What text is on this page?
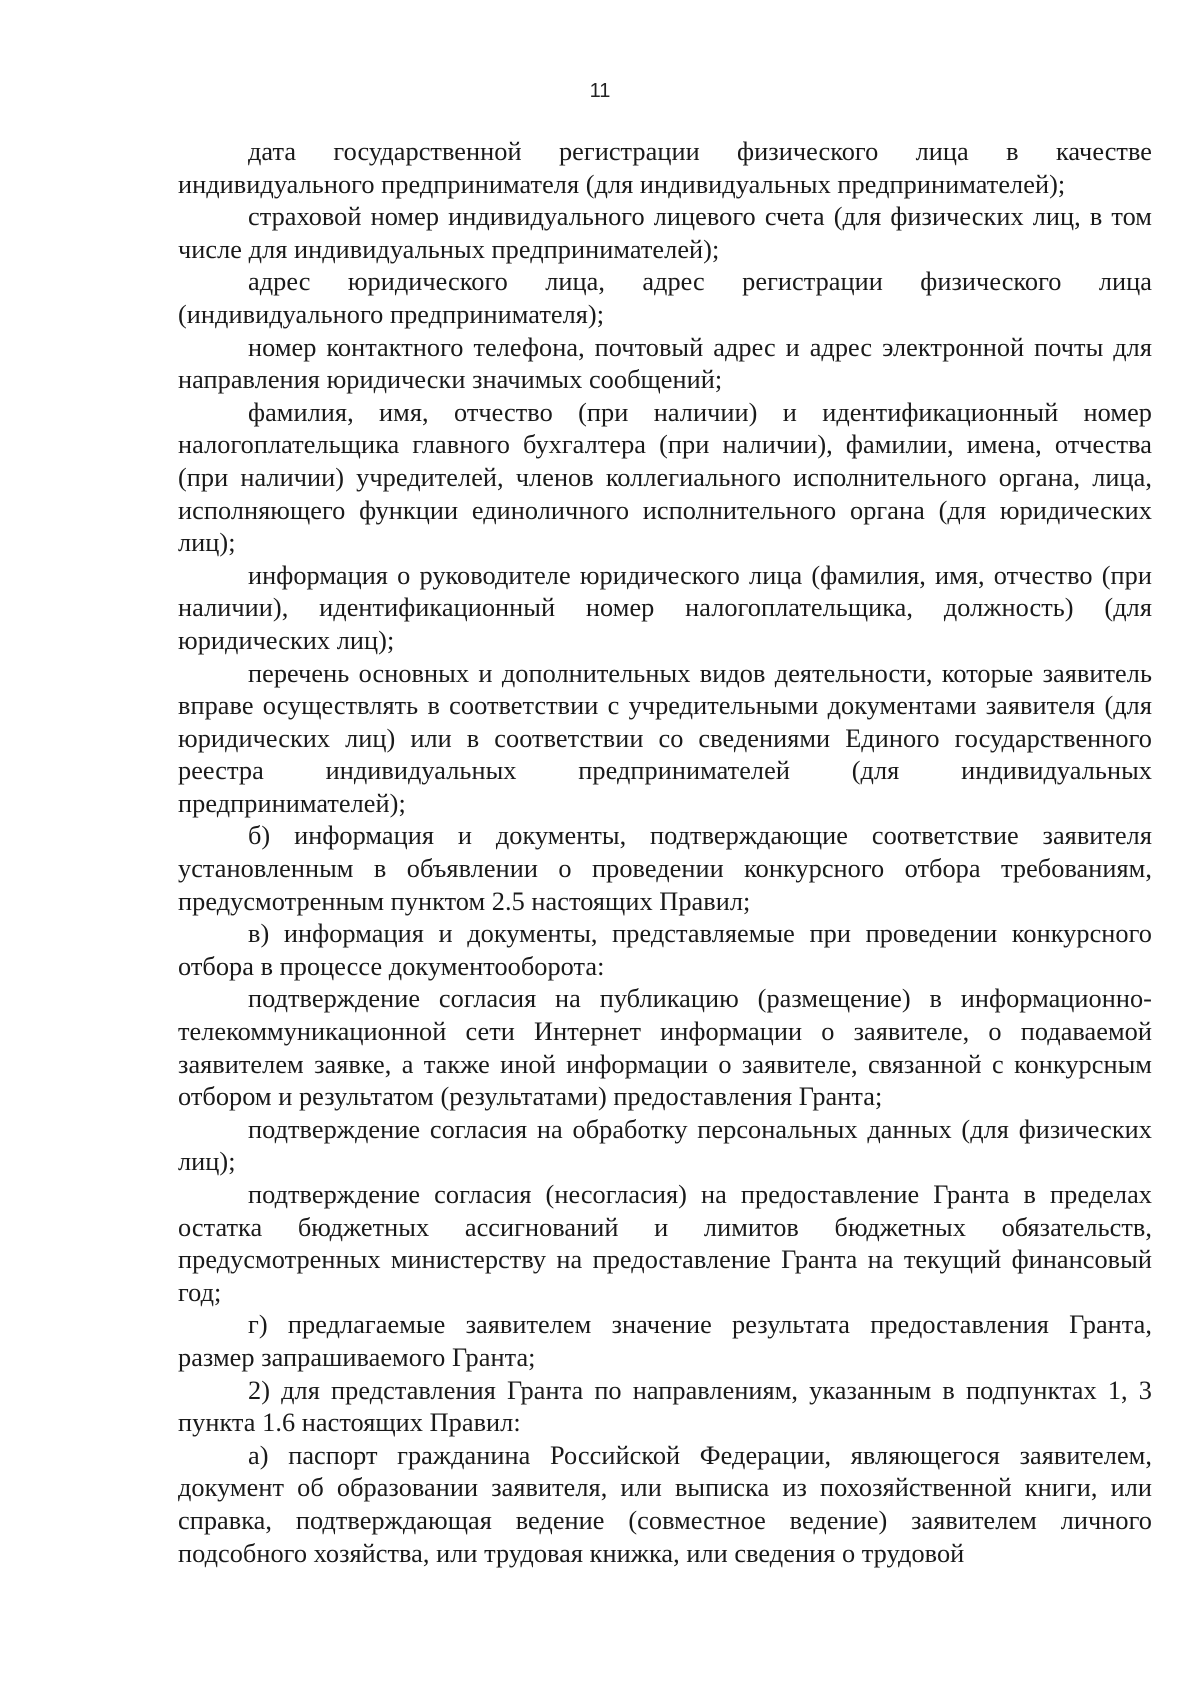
11

дата государственной регистрации физического лица в качестве индивидуального предпринимателя (для индивидуальных предпринимателей);

страховой номер индивидуального лицевого счета (для физических лиц, в том числе для индивидуальных предпринимателей);

адрес юридического лица, адрес регистрации физического лица (индивидуального предпринимателя);

номер контактного телефона, почтовый адрес и адрес электронной почты для направления юридически значимых сообщений;

фамилия, имя, отчество (при наличии) и идентификационный номер налогоплательщика главного бухгалтера (при наличии), фамилии, имена, отчества (при наличии) учредителей, членов коллегиального исполнительного органа, лица, исполняющего функции единоличного исполнительного органа (для юридических лиц);

информация о руководителе юридического лица (фамилия, имя, отчество (при наличии), идентификационный номер налогоплательщика, должность) (для юридических лиц);

перечень основных и дополнительных видов деятельности, которые заявитель вправе осуществлять в соответствии с учредительными документами заявителя (для юридических лиц) или в соответствии со сведениями Единого государственного реестра индивидуальных предпринимателей (для индивидуальных предпринимателей);

б) информация и документы, подтверждающие соответствие заявителя установленным в объявлении о проведении конкурсного отбора требованиям, предусмотренным пунктом 2.5 настоящих Правил;

в) информация и документы, представляемые при проведении конкурсного отбора в процессе документооборота:

подтверждение согласия на публикацию (размещение) в информационно-телекоммуникационной сети Интернет информации о заявителе, о подаваемой заявителем заявке, а также иной информации о заявителе, связанной с конкурсным отбором и результатом (результатами) предоставления Гранта;

подтверждение согласия на обработку персональных данных (для физических лиц);

подтверждение согласия (несогласия) на предоставление Гранта в пределах остатка бюджетных ассигнований и лимитов бюджетных обязательств, предусмотренных министерству на предоставление Гранта на текущий финансовый год;

г) предлагаемые заявителем значение результата предоставления Гранта, размер запрашиваемого Гранта;

2) для представления Гранта по направлениям, указанным в подпунктах 1, 3 пункта 1.6 настоящих Правил:

а) паспорт гражданина Российской Федерации, являющегося заявителем, документ об образовании заявителя, или выписка из похозяйственной книги, или справка, подтверждающая ведение (совместное ведение) заявителем личного подсобного хозяйства, или трудовая книжка, или сведения о трудовой
